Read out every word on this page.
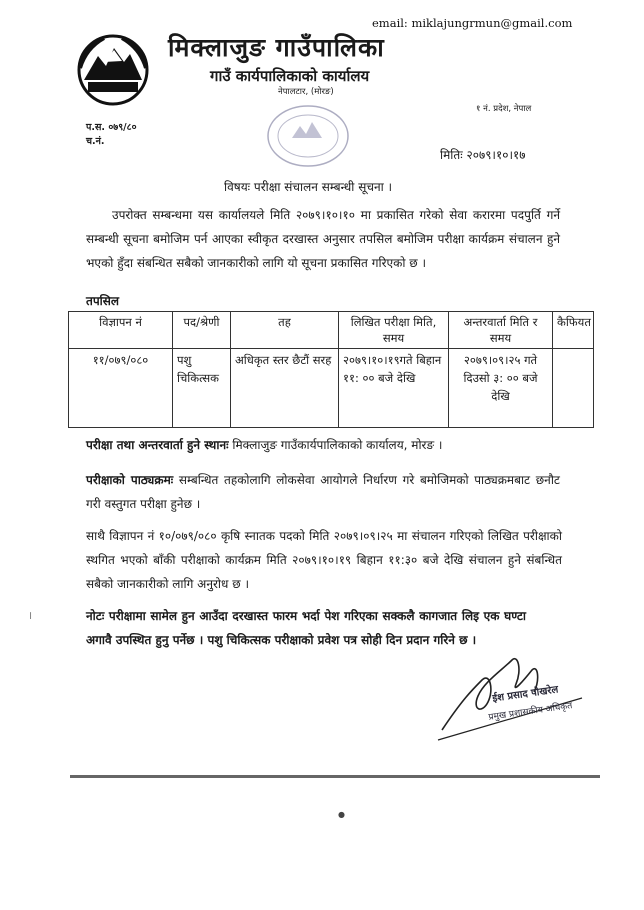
email: miklajungrmun@gmail.com
मिक्लाजुङ गाउँपालिका
गाउँ कार्यपालिकाको कार्यालय
नेपालटार, (मोरङ)
१ नं. प्रदेश, नेपाल
प.स. ०७९/८०
च.नं.
मितिः २०७९।१०।१७
विषयः परीक्षा संचालन सम्बन्धी सूचना ।
उपरोक्त सम्बन्धमा यस कार्यालयले मिति २०७९।१०।१० मा प्रकासित गरेको सेवा करारमा पदपुर्ति गर्ने सम्बन्धी सूचना बमोजिम पर्न आएका स्वीकृत दरखास्त अनुसार तपसिल बमोजिम परीक्षा कार्यक्रम संचालन हुने भएको हुँदा संबन्धित सबैको जानकारीको लागि यो सूचना प्रकासित गरिएको छ ।
तपसिल
विज्ञापन नं	पद/श्रेणी	तह	लिखित परीक्षा मिति, समय	अन्तरवार्ता मिति र समय	कैफियत
११/०७९/०८०	पशु चिकित्सक	अधिकृत स्तर छैटौं सरह	२०७९।१०।१९गते बिहान ११: ०० बजे देखि	२०७९।०९।२५ गते दिउसो ३: ०० बजे देखि	
परीक्षा तथा अन्तरवार्ता हुने स्थानः मिक्लाजुङ गाउँकार्यपालिकाको कार्यालय, मोरङ ।
परीक्षाको पाठ्यक्रमः सम्बन्धित तहकोलागि लोकसेवा आयोगले निर्धारण गरे बमोजिमको पाठ्यक्रमबाट छनौट गरी वस्तुगत परीक्षा हुनेछ ।
साथै विज्ञापन नं १०/०७९/०८० कृषि स्नातक पदको मिति २०७९।०९।२५ मा संचालन गरिएको लिखित परीक्षाको स्थगित भएको बाँकी परीक्षाको कार्यक्रम मिति २०७९।१०।१९ बिहान ११:३० बजे देखि संचालन हुने संबन्धित सबैको जानकारीको लागि अनुरोध छ ।
।	नोटः परीक्षामा सामेल हुन आउँदा दरखास्त फारम भर्दा पेश गरिएका सक्कलै कागजात लिइ एक घण्टा अगावै उपस्थित हुनु पर्नेछ । पशु चिकित्सक परीक्षाको प्रवेश पत्र सोही दिन प्रदान गरिने छ ।
ईश प्रसाद पोखरेल
प्रमुख प्रशासकीय अधिकृत
●
